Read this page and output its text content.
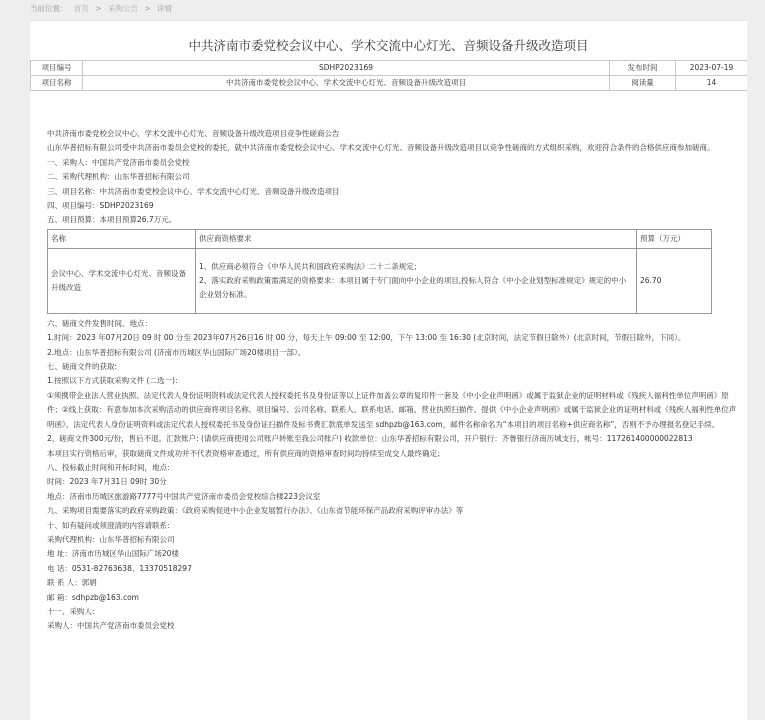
当前位置： 首页 > 采购公告 > 详情
中共济南市委党校会议中心、学术交流中心灯光、音频设备升级改造项目
项目编号	SDHP2023169	发布时间	2023-07-19
项目名称	中共济南市委党校会议中心、学术交流中心灯光、音频设备升级改造项目	阅读量	14

中共济南市委党校会议中心、学术交流中心灯光、音频设备升级改造项目竞争性磋商公告

山东华普招标有限公司受中共济南市委员会党校的委托，就中共济南市委党校会议中心、学术交流中心灯光、音频设备升级改造项目以竞争性磋商的方式组织采购，欢迎符合条件的合格供应商参加磋商。

一、采购人：中国共产党济南市委员会党校

二、采购代理机构：山东华普招标有限公司

三、项目名称：中共济南市委党校会议中心、学术交流中心灯光、音频设备升级改造项目

四、项目编号：SDHP2023169

五、项目预算：本项目预算26.7万元。

名称	供应商资格要求	预算（万元）
会议中心、学术交流中心灯光、音频设备升级改造	1、供应商必须符合《中华人民共和国政府采购法》二十二条规定；
2、落实政府采购政策需满足的资格要求：本项目属于专门面向中小企业的项目,投标人符合《中小企业划型标准规定》规定的中小企业划分标准。	26.70

六、磋商文件发售时间、地点：

1.时间：2023 年07月20日 09 时 00 分至 2023年07月26日16 时 00 分，每天上午 09:00 至 12:00，下午 13:00 至 16:30 (北京时间，法定节假日除外）(北京时间，节假日除外，下同）。

2.地点：山东华普招标有限公司 (济南市历城区华山国际广场20楼项目一部）。

七、磋商文件的获取:

1.按照以下方式获取采购文件 (二选一)：

①须携带企业法人营业执照、法定代表人身份证明资料或法定代表人授权委托书及身份证等以上证件加盖公章的复印件一套及《中小企业声明函》或属于监狱企业的证明材料或《残疾人福利性单位声明函》原件；②线上获取：有意参加本次采购活动的供应商将项目名称、项目编号、公司名称、联系人、联系电话、邮箱、营业执照扫描件、提供《中小企业声明函》或属于监狱企业的证明材料或《残疾人福利性单位声明函》、法定代表人身份证明资料或法定代表人授权委托书及身份证扫描件及标书费汇款底单发送至 sdhpzb@163.com，邮件名称命名为“本项目的项目名称+供应商名称”，否则不予办理报名登记手续。

2、磋商文件300元/份，售后不退。汇款账户: (请供应商使用公司账户转账至我公司账户) 收款单位：山东华普招标有限公司，开户银行：齐鲁银行济南历城支行，帐号：117261400000022813

本项目实行资格后审，获取磋商文件成功并不代表资格审查通过，所有供应商的资格审查时间均持续至成交人最终确定；

八、投标截止时间和开标时间，地点:

时间：2023 年7月31日 09时 30分

地点：济南市历城区旅游路7777号中国共产党济南市委员会党校综合楼223会议室

九、采购项目需要落实的政府采购政策：《政府采购促进中小企业发展暂行办法》、《山东省节能环保产品政府采购评审办法》等

十、如有疑问或须澄清的内容请联系:

采购代理机构：山东华普招标有限公司

地 址：济南市历城区华山国际广场20楼

电 话：0531-82763638、13370518297

联 系 人：郭娟

邮 箱：sdhpzb@163.com

十一、采购人:

采购人：中国共产党济南市委员会党校
